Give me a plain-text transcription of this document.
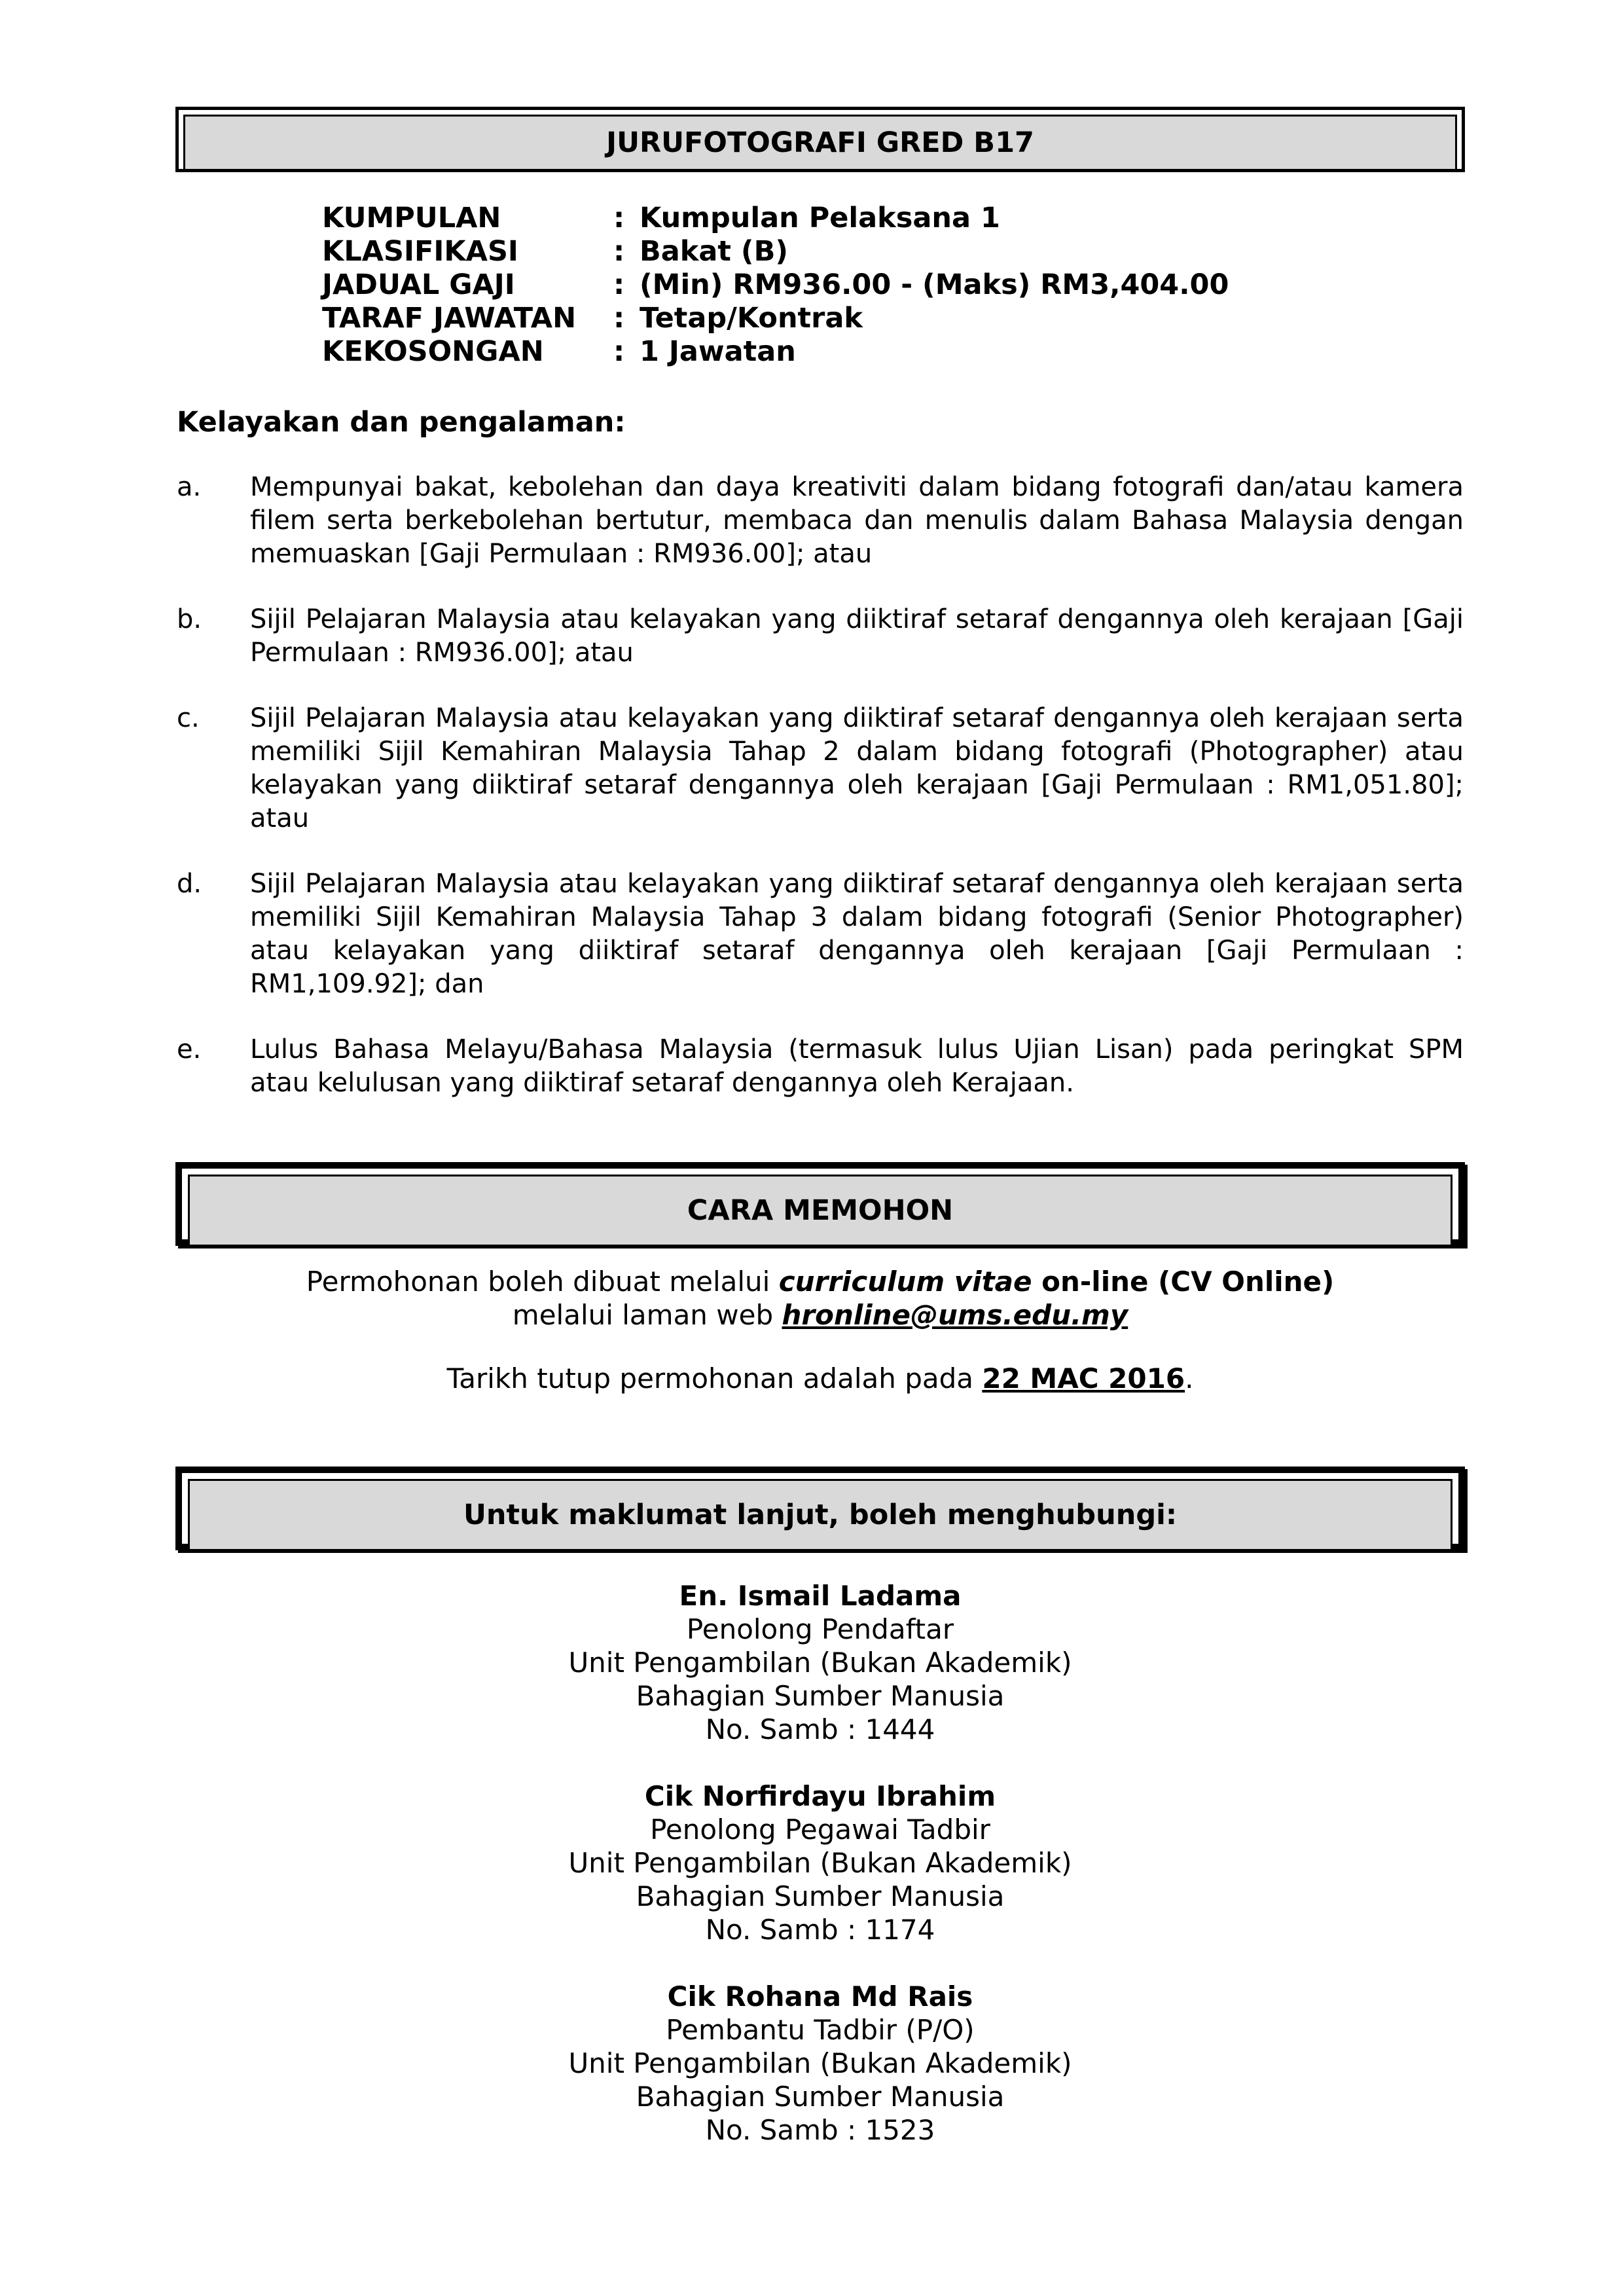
JURUFOTOGRAFI GRED B17
KUMPULAN	: Kumpulan Pelaksana 1
KLASIFIKASI	: Bakat (B)
JADUAL GAJI	: (Min) RM936.00 - (Maks) RM3,404.00
TARAF JAWATAN	: Tetap/Kontrak
KEKOSONGAN	: 1 Jawatan
Kelayakan dan pengalaman:
a.	Mempunyai bakat, kebolehan dan daya kreativiti dalam bidang fotografi dan/atau kamera filem serta berkebolehan bertutur, membaca dan menulis dalam Bahasa Malaysia dengan memuaskan [Gaji Permulaan : RM936.00]; atau
b.	Sijil Pelajaran Malaysia atau kelayakan yang diiktiraf setaraf dengannya oleh kerajaan [Gaji Permulaan : RM936.00]; atau
c.	Sijil Pelajaran Malaysia atau kelayakan yang diiktiraf setaraf dengannya oleh kerajaan serta memiliki Sijil Kemahiran Malaysia Tahap 2 dalam bidang fotografi (Photographer) atau kelayakan yang diiktiraf setaraf dengannya oleh kerajaan [Gaji Permulaan : RM1,051.80]; atau
d.	Sijil Pelajaran Malaysia atau kelayakan yang diiktiraf setaraf dengannya oleh kerajaan serta memiliki Sijil Kemahiran Malaysia Tahap 3 dalam bidang fotografi (Senior Photographer) atau kelayakan yang diiktiraf setaraf dengannya oleh kerajaan [Gaji Permulaan : RM1,109.92]; dan
e.	Lulus Bahasa Melayu/Bahasa Malaysia (termasuk lulus Ujian Lisan) pada peringkat SPM atau kelulusan yang diiktiraf setaraf dengannya oleh Kerajaan.
CARA MEMOHON
Permohonan boleh dibuat melalui curriculum vitae on-line (CV Online)
melalui laman web hronline@ums.edu.my
Tarikh tutup permohonan adalah pada 22 MAC 2016.
Untuk maklumat lanjut, boleh menghubungi:
En. Ismail Ladama
Penolong Pendaftar
Unit Pengambilan (Bukan Akademik)
Bahagian Sumber Manusia
No. Samb : 1444
Cik Norfirdayu Ibrahim
Penolong Pegawai Tadbir
Unit Pengambilan (Bukan Akademik)
Bahagian Sumber Manusia
No. Samb : 1174
Cik Rohana Md Rais
Pembantu Tadbir (P/O)
Unit Pengambilan (Bukan Akademik)
Bahagian Sumber Manusia
No. Samb : 1523
